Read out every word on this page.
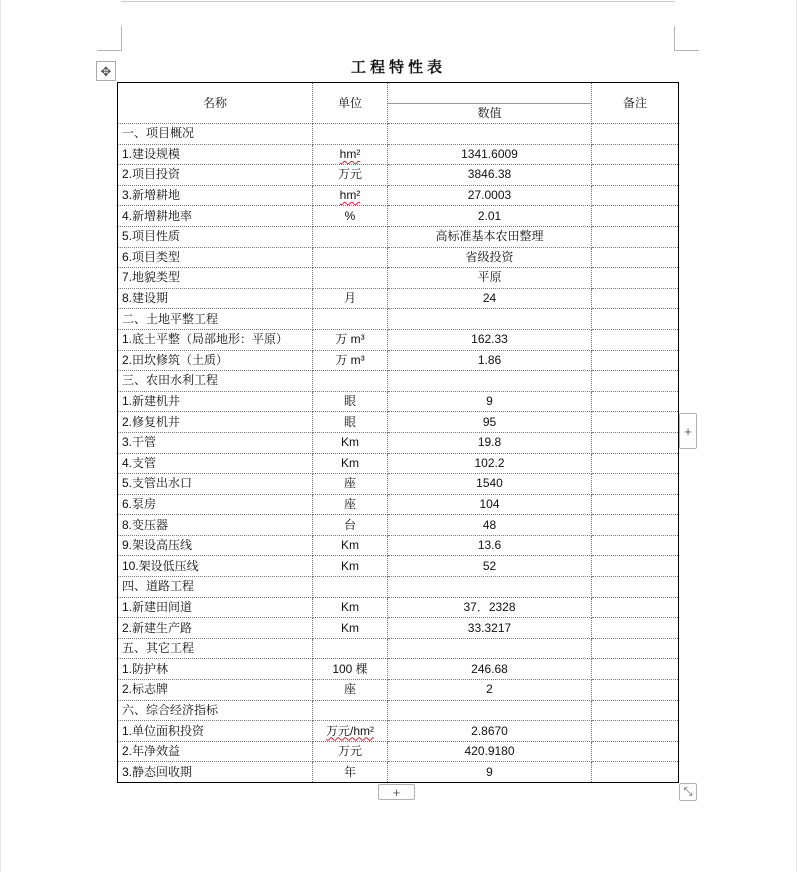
✥	工程特性表
名称	单位	数值	备注
一、项目概况			
1.建设规模	hm²	1341.6009	
2.项目投资	万元	3846.38	
3.新增耕地	hm²	27.0003	
4.新增耕地率	%	2.01	
5.项目性质		高标准基本农田整理	
6.项目类型		省级投资	
7.地貌类型		平原	
8.建设期	月	24	
二、土地平整工程			
1.底土平整（局部地形：平原）	万 m³	162.33	
2.田坎修筑（土质）	万 m³	1.86	
三、农田水利工程			
1.新建机井	眼	9	
2.修复机井	眼	95	
3.干管	Km	19.8	
4.支管	Km	102.2	
5.支管出水口	座	1540	
6.泵房	座	104	
8.变压器	台	48	
9.架设高压线	Km	13.6	
10.架设低压线	Km	52	
四、道路工程			
1.新建田间道	Km	37．2328	
2.新建生产路	Km	33.3217	
五、其它工程			
1.防护林	100 棵	246.68	
2.标志牌	座	2	
六、综合经济指标			
1.单位面积投资	万元/hm²	2.8670	
2.年净效益	万元	420.9180	
3.静态回收期	年	9	
+
+	⤡
